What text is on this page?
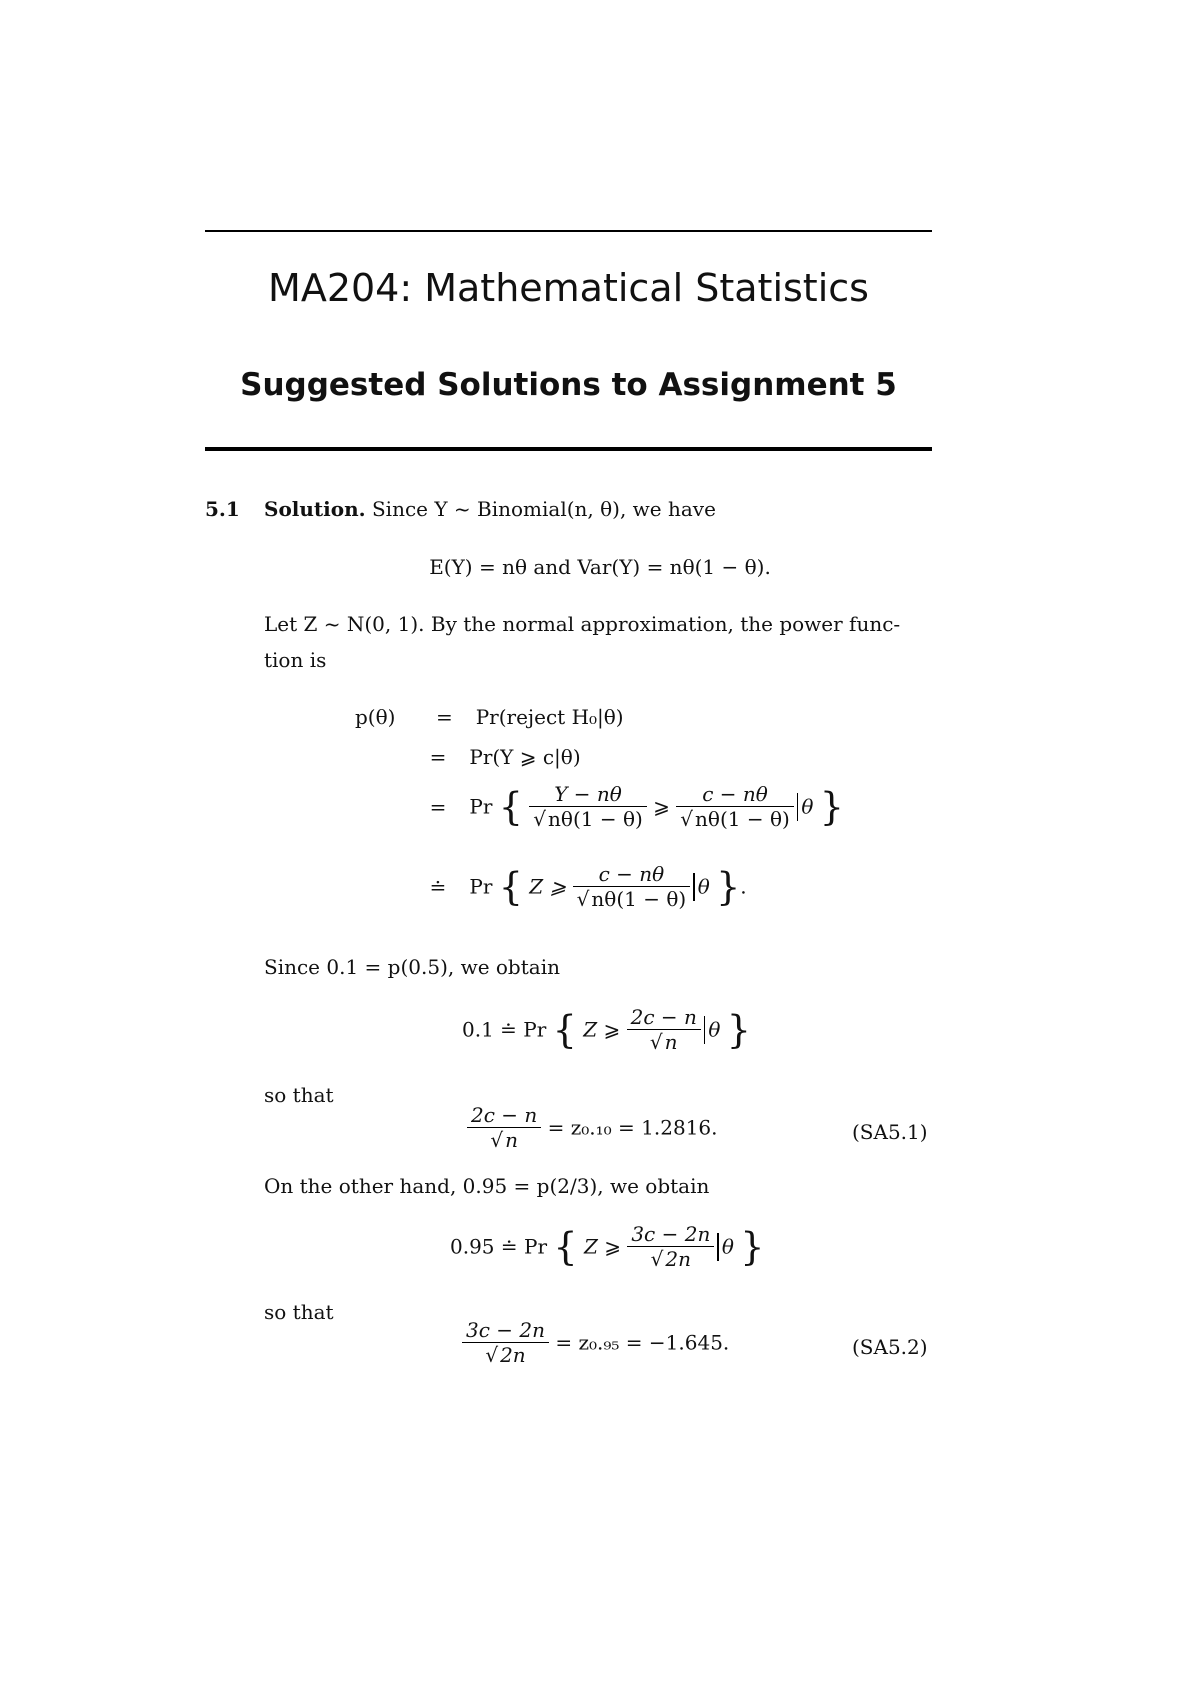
MA204: Mathematical Statistics
Suggested Solutions to Assignment 5
5.1 Solution. Since Y ~ Binomial(n, θ), we have
E(Y) = nθ and Var(Y) = nθ(1 − θ).
Let Z ~ N(0, 1). By the normal approximation, the power func-
tion is
p(θ) = Pr(reject H₀|θ)
= Pr(Y ⩾ c|θ)
= Pr { $\frac{Y - n\theta}{√ n\theta(1 - \theta)}$ ⩾ $\frac{c - n\theta}{√ n\theta(1 - \theta)}$ θ }
≐ Pr { Z ⩾ $\frac{c - n\theta}{√ n\theta(1 - \theta)}$ θ }.
Since 0.1 = p(0.5), we obtain
0.1 ≐ Pr { Z ⩾ $\frac{2c - n}{√ n}$ θ }
so that
$\frac{2c - n}{√ n} = z_0._{10} = 1.2816$.	(SA5.1)
On the other hand, 0.95 = p(2/3), we obtain
0.95 ≐ Pr { Z ⩾ $\frac{3c - 2n}{√ 2n}$ θ }
so that
$\frac{3c - 2n}{√ 2n} = z_0._{95} = -1.645$.	(SA5.2)
